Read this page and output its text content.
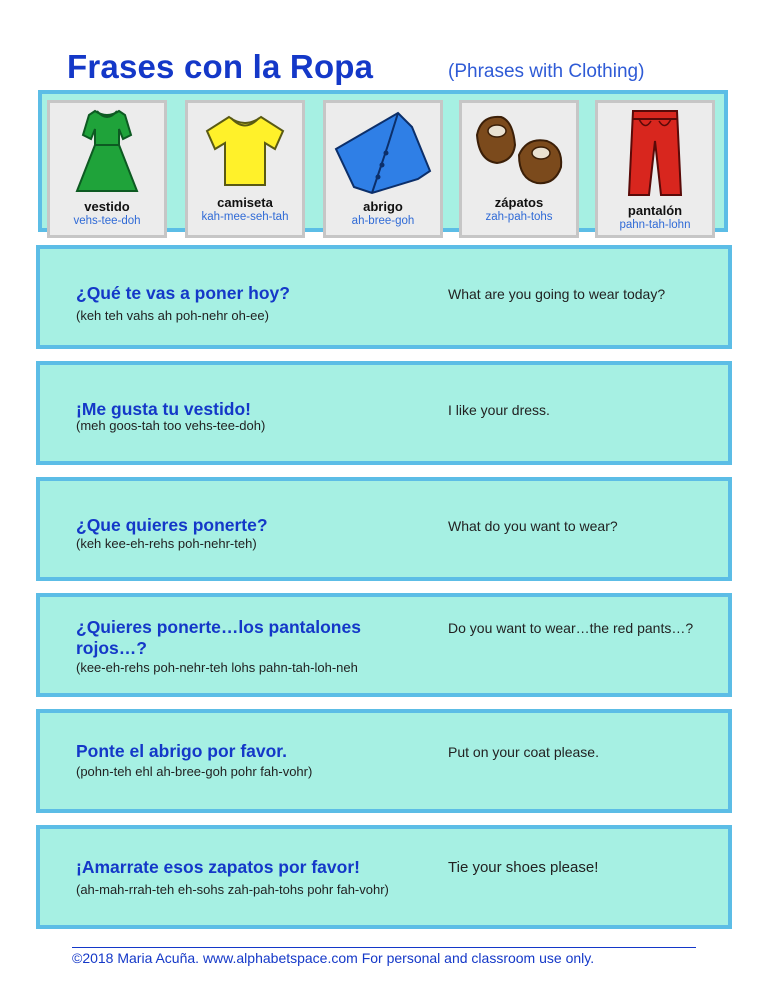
Frases con la Ropa	(Phrases with Clothing)
vestido
vehs-tee-doh
camiseta
kah-mee-seh-tah
abrigo
ah-bree-goh
zápatos
zah-pah-tohs	pantalón
pahn-tah-lohn
¿Qué te vas a poner hoy?
(keh teh vahs ah poh-nehr oh-ee)
What are you going to wear today?
¡Me gusta tu vestido!
(meh goos-tah too vehs-tee-doh)
I like your dress.
¿Que quieres ponerte?
(keh kee-eh-rehs poh-nehr-teh)
What do you want to wear?
¿Quieres ponerte…los pantalones rojos…?
(kee-eh-rehs poh-nehr-teh lohs pahn-tah-loh-neh
Do you want to wear…the red pants…?
Ponte el abrigo por favor.
(pohn-teh ehl ah-bree-goh pohr fah-vohr)
Put on your coat please.
¡Amarrate esos zapatos por favor!
(ah-mah-rrah-teh eh-sohs zah-pah-tohs pohr fah-vohr)
Tie your shoes please!
©2018 Maria Acuña. www.alphabetspace.com For personal and classroom use only.
